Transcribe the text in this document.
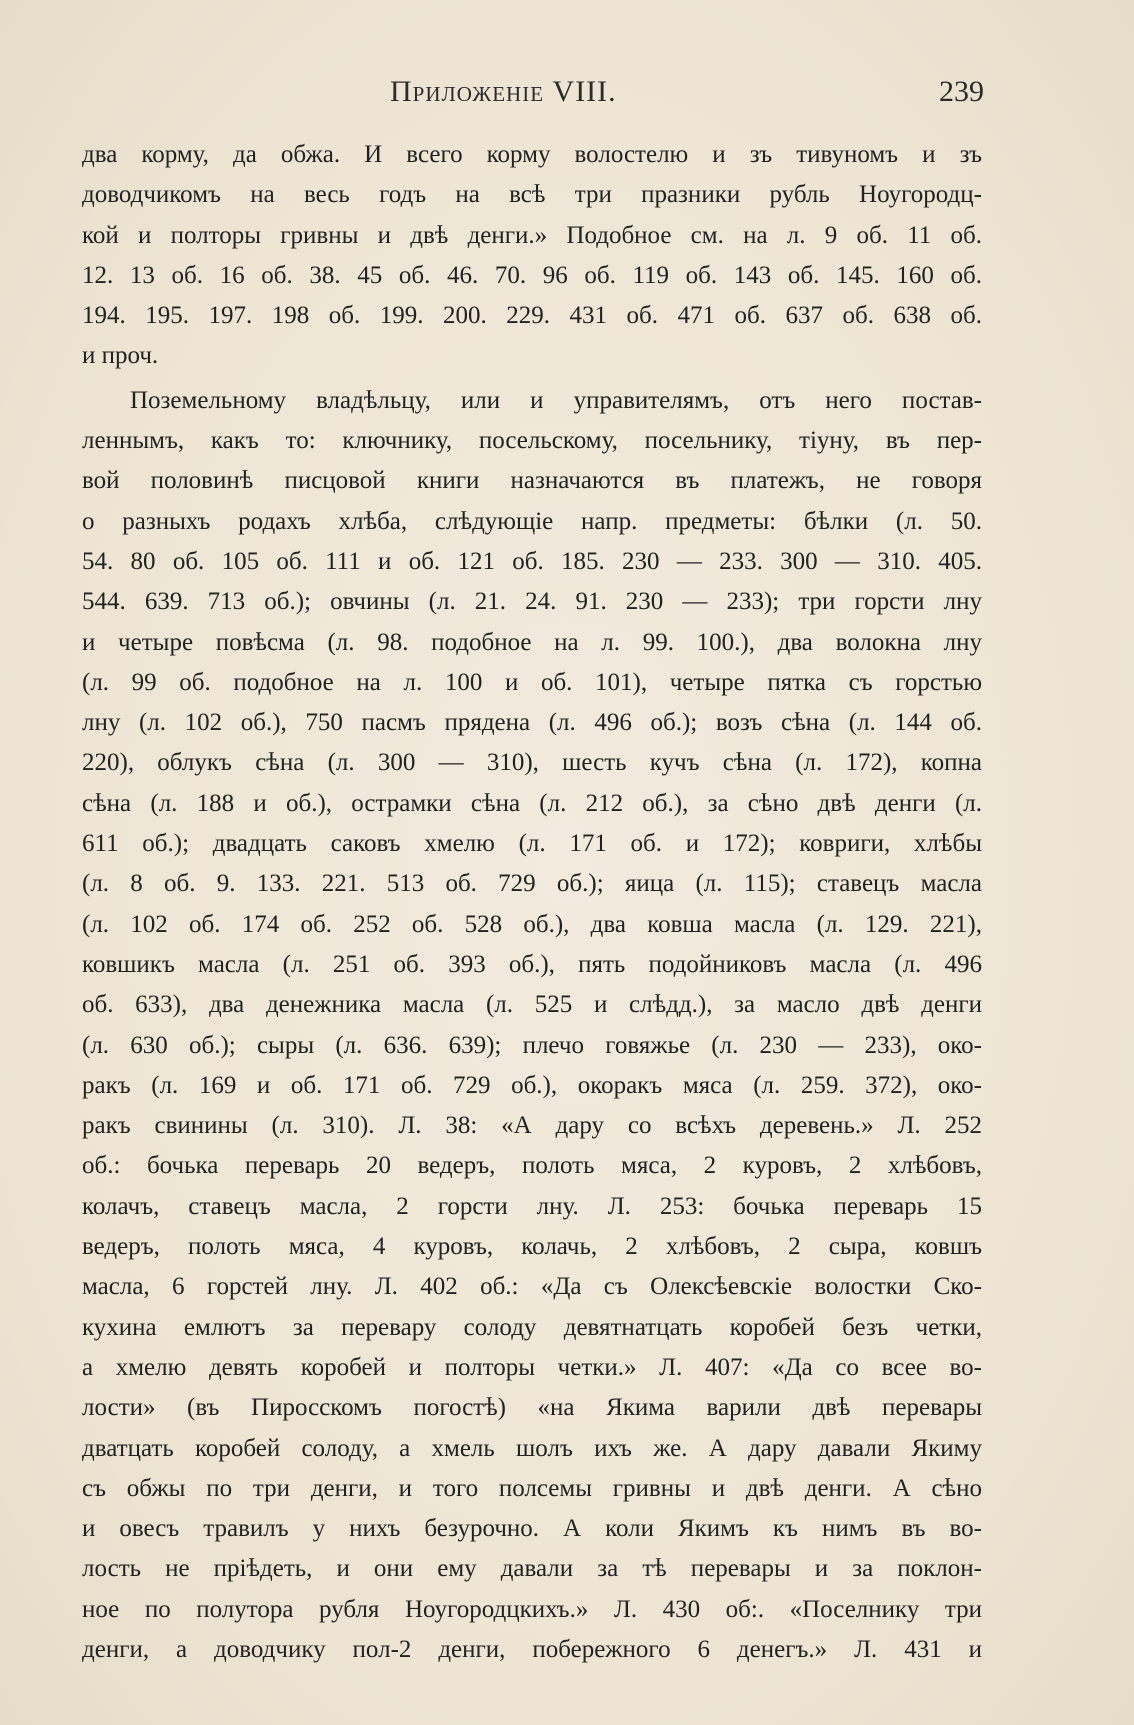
Приложеніе VIII.	239
два корму, да обжа. И всего корму волостелю и зъ тивуномъ и зъ
доводчикомъ на весь годъ на всѣ три празники рубль Ноугородц-
кой и полторы гривны и двѣ денги.» Подобное см. на л. 9 об. 11 об.
12. 13 об. 16 об. 38. 45 об. 46. 70. 96 об. 119 об. 143 об. 145. 160 об.
194. 195. 197. 198 об. 199. 200. 229. 431 об. 471 об. 637 об. 638 об.
и проч.
Поземельному владѣльцу, или и управителямъ, отъ него постав-
леннымъ, какъ то: ключнику, посельскому, посельнику, тіуну, въ пер-
вой половинѣ писцовой книги назначаются въ платежъ, не говоря
о разныхъ родахъ хлѣба, слѣдующіе напр. предметы: бѣлки (л. 50.
54. 80 об. 105 об. 111 и об. 121 об. 185. 230 — 233. 300 — 310. 405.
544. 639. 713 об.); овчины (л. 21. 24. 91. 230 — 233); три горсти лну
и четыре повѣсма (л. 98. подобное на л. 99. 100.), два волокна лну
(л. 99 об. подобное на л. 100 и об. 101), четыре пятка съ горстью
лну (л. 102 об.), 750 пасмъ прядена (л. 496 об.); возъ сѣна (л. 144 об.
220), облукъ сѣна (л. 300 — 310), шесть кучъ сѣна (л. 172), копна
сѣна (л. 188 и об.), острамки сѣна (л. 212 об.), за сѣно двѣ денги (л.
611 об.); двадцать саковъ хмелю (л. 171 об. и 172); ковриги, хлѣбы
(л. 8 об. 9. 133. 221. 513 об. 729 об.); яица (л. 115); ставецъ масла
(л. 102 об. 174 об. 252 об. 528 об.), два ковша масла (л. 129. 221),
ковшикъ масла (л. 251 об. 393 об.), пять подойниковъ масла (л. 496
об. 633), два денежника масла (л. 525 и слѣдд.), за масло двѣ денги
(л. 630 об.); сыры (л. 636. 639); плечо говяжье (л. 230 — 233), око-
ракъ (л. 169 и об. 171 об. 729 об.), окоракъ мяса (л. 259. 372), око-
ракъ свинины (л. 310). Л. 38: «А дару со всѣхъ деревень.» Л. 252
об.: бочька переварь 20 ведеръ, полоть мяса, 2 куровъ, 2 хлѣбовъ,
колачъ, ставецъ масла, 2 горсти лну. Л. 253: бочька переварь 15
ведеръ, полоть мяса, 4 куровъ, колачь, 2 хлѣбовъ, 2 сыра, ковшъ
масла, 6 горстей лну. Л. 402 об.: «Да съ Олексѣевскіе волостки Ско-
кухина емлютъ за перевару солоду девятнатцать коробей безъ четки,
а хмелю девять коробей и полторы четки.» Л. 407: «Да со всее во-
лости» (въ Пиросскомъ погостѣ) «на Якима варили двѣ перевары
дватцать коробей солоду, а хмель шолъ ихъ же. А дару давали Якиму
съ обжы по три денги, и того полсемы гривны и двѣ денги. А сѣно
и овесъ травилъ у нихъ безурочно. А коли Якимъ къ нимъ въ во-
лость не пріѣдеть, и они ему давали за тѣ перевары и за поклон-
ное по полутора рубля Ноугородцкихъ.» Л. 430 об:. «Поселнику три
денги, а доводчику пол-2 денги, побережного 6 денегъ.» Л. 431 и
